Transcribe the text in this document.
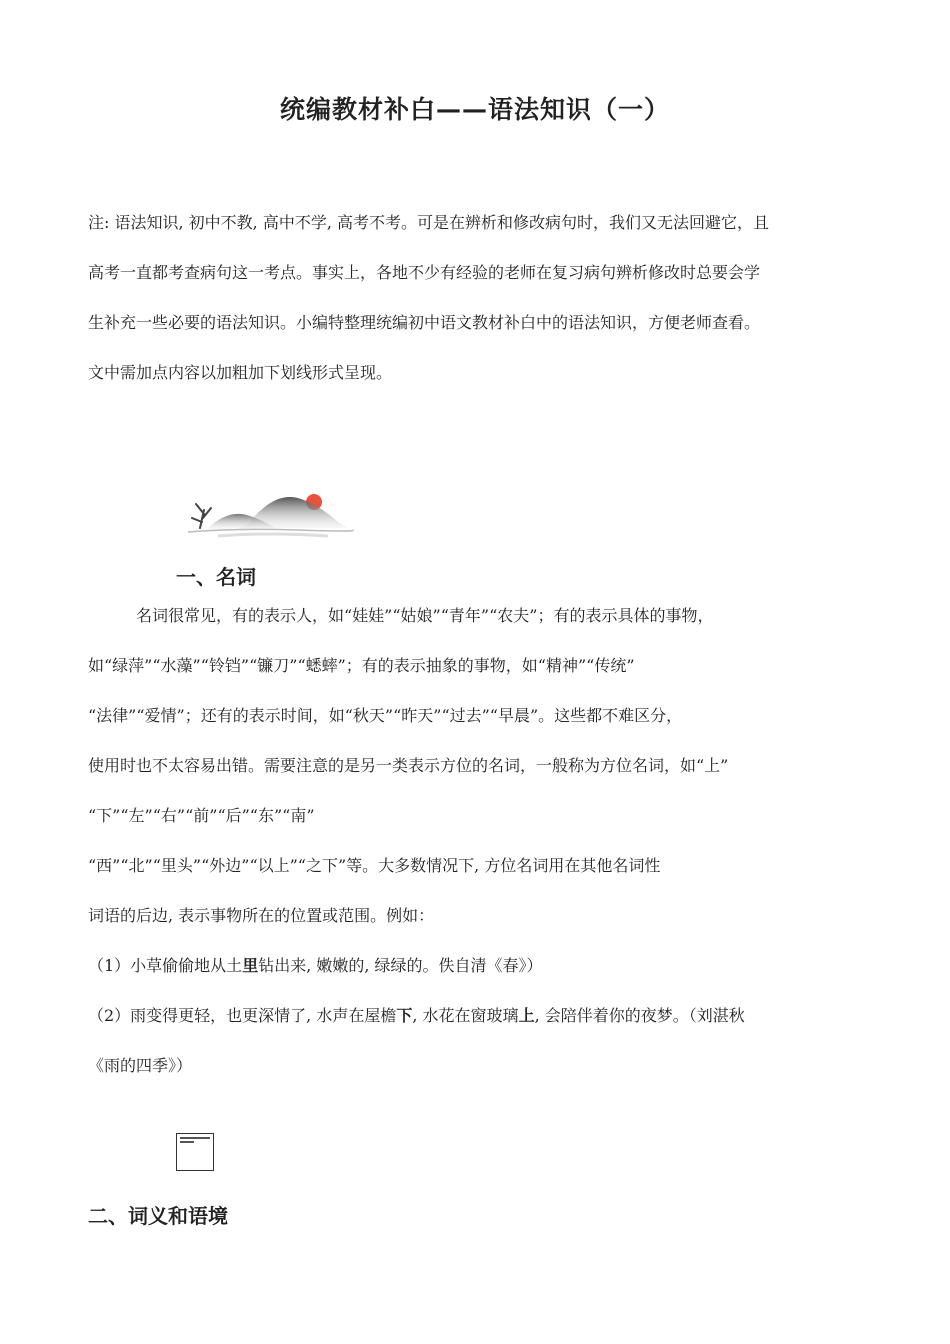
统编教材补白——语法知识（一）
注: 语法知识, 初中不教, 高中不学, 高考不考。可是在辨析和修改病句时，我们又无法回避它，且
高考一直都考查病句这一考点。事实上，各地不少有经验的老师在复习病句辨析修改时总要会学
生补充一些必要的语法知识。小编特整理统编初中语文教材补白中的语法知识，方便老师查看。
文中需加点内容以加粗加下划线形式呈现。
一、名词
名词很常见，有的表示人，如“娃娃”“姑娘”“青年”“农夫”；有的表示具体的事物，
如“绿萍”“水藻”“铃铛”“镰刀”“蟋蟀”；有的表示抽象的事物，如“精神”“传统”
“法律”“爱情”；还有的表示时间，如“秋天”“昨天”“过去”“早晨”。这些都不难区分，
使用时也不太容易出错。需要注意的是另一类表示方位的名词，一般称为方位名词，如“上”
“下”“左”“右”“前”“后”“东”“南”
“西”“北”“里头”“外边”“以上”“之下”等。大多数情况下, 方位名词用在其他名词性
词语的后边, 表示事物所在的位置或范围。例如：
（1）小草偷偷地从土里钻出来, 嫩嫩的, 绿绿的。佚自清《春》）
（2）雨变得更轻，也更深情了, 水声在屋檐下, 水花在窗玻璃上, 会陪伴着你的夜梦。（刘湛秋
《雨的四季》）
二、词义和语境
